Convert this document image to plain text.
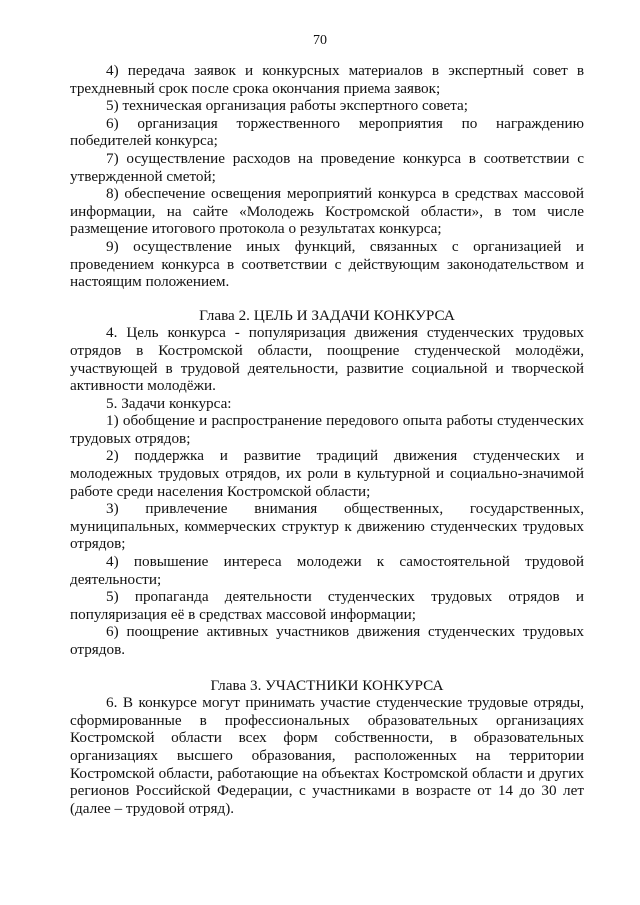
70

4) передача заявок и конкурсных материалов в экспертный совет в трехдневный срок после срока окончания приема заявок;

5) техническая организация работы экспертного совета;

6) организация торжественного мероприятия по награждению победителей конкурса;

7) осуществление расходов на проведение конкурса в соответствии с утвержденной сметой;

8) обеспечение освещения мероприятий конкурса в средствах массовой информации, на сайте «Молодежь Костромской области», в том числе размещение итогового протокола о результатах конкурса;

9) осуществление иных функций, связанных с организацией и проведением конкурса в соответствии с действующим законодательством и настоящим положением.

Глава 2. ЦЕЛЬ И ЗАДАЧИ КОНКУРСА

4. Цель конкурса - популяризация движения студенческих трудовых отрядов в Костромской области, поощрение студенческой молодёжи, участвующей в трудовой деятельности, развитие социальной и творческой активности молодёжи.

5. Задачи конкурса:

1) обобщение и распространение передового опыта работы студенческих трудовых отрядов;

2) поддержка и развитие традиций движения студенческих и молодежных трудовых отрядов, их роли в культурной и социально-значимой работе среди населения Костромской области;

3) привлечение внимания общественных, государственных, муниципальных, коммерческих структур к движению студенческих трудовых отрядов;

4) повышение интереса молодежи к самостоятельной трудовой деятельности;

5) пропаганда деятельности студенческих трудовых отрядов и популяризация её в средствах массовой информации;

6) поощрение активных участников движения студенческих трудовых отрядов.

Глава 3. УЧАСТНИКИ КОНКУРСА

6. В конкурсе могут принимать участие студенческие трудовые отряды, сформированные в профессиональных образовательных организациях Костромской области всех форм собственности, в образовательных организациях высшего образования, расположенных на территории Костромской области, работающие на объектах Костромской области и других регионов Российской Федерации, с участниками в возрасте от 14 до 30 лет (далее – трудовой отряд).
